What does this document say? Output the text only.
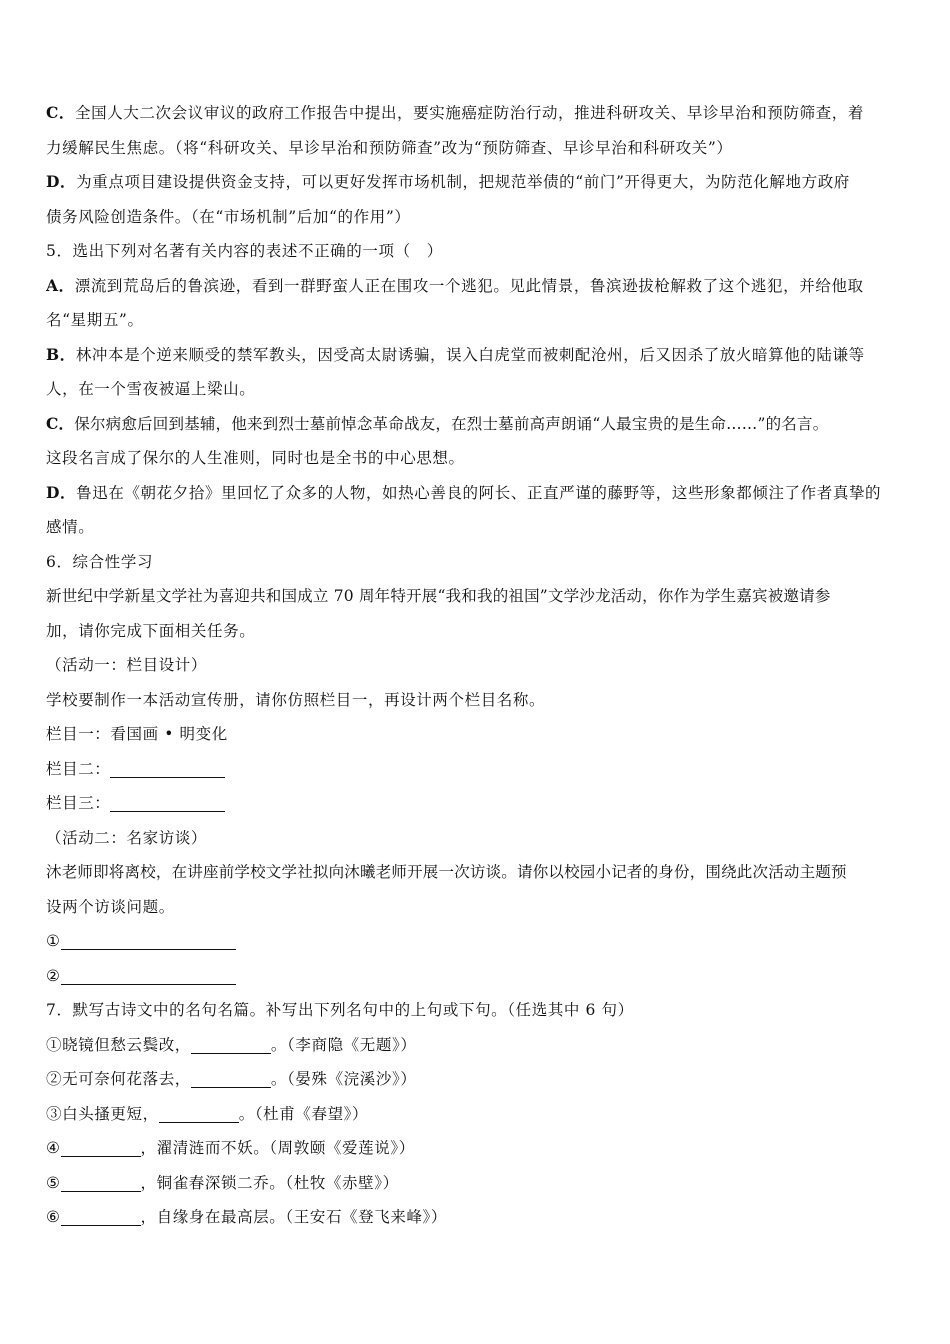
C．全国人大二次会议审议的政府工作报告中提出，要实施癌症防治行动，推进科研攻关、早诊早治和预防筛查，着
力缓解民生焦虑。（将“科研攻关、早诊早治和预防筛查”改为“预防筛查、早诊早治和科研攻关”）
D．为重点项目建设提供资金支持，可以更好发挥市场机制，把规范举债的“前门”开得更大，为防范化解地方政府
债务风险创造条件。（在“市场机制”后加“的作用”）
5．选出下列对名著有关内容的表述不正确的一项（　）
A．漂流到荒岛后的鲁滨逊，看到一群野蛮人正在围攻一个逃犯。见此情景，鲁滨逊拔枪解救了这个逃犯，并给他取
名“星期五”。
B．林冲本是个逆来顺受的禁军教头，因受高太尉诱骗，误入白虎堂而被刺配沧州，后又因杀了放火暗算他的陆谦等
人，在一个雪夜被逼上梁山。
C．保尔病愈后回到基辅，他来到烈士墓前悼念革命战友，在烈士墓前高声朗诵“人最宝贵的是生命……”的名言。
这段名言成了保尔的人生准则，同时也是全书的中心思想。
D．鲁迅在《朝花夕拾》里回忆了众多的人物，如热心善良的阿长、正直严谨的藤野等，这些形象都倾注了作者真挚的
感情。
6．综合性学习
新世纪中学新星文学社为喜迎共和国成立 70 周年特开展“我和我的祖国”文学沙龙活动，你作为学生嘉宾被邀请参
加，请你完成下面相关任务。
（活动一：栏目设计）
学校要制作一本活动宣传册，请你仿照栏目一，再设计两个栏目名称。
栏目一：看国画 • 明变化
栏目二：
栏目三：
（活动二：名家访谈）
沐老师即将离校，在讲座前学校文学社拟向沐曦老师开展一次访谈。请你以校园小记者的身份，围绕此次活动主题预
设两个访谈问题。
①
②
7．默写古诗文中的名句名篇。补写出下列名句中的上句或下句。（任选其中 6 句）
①晓镜但愁云鬓改，	。（李商隐《无题》）
②无可奈何花落去，	。（晏殊《浣溪沙》）
③白头搔更短，	。（杜甫《春望》）
④	，濯清涟而不妖。（周敦颐《爱莲说》）
⑤	，铜雀春深锁二乔。（杜牧《赤壁》）
⑥	，自缘身在最高层。（王安石《登飞来峰》）
